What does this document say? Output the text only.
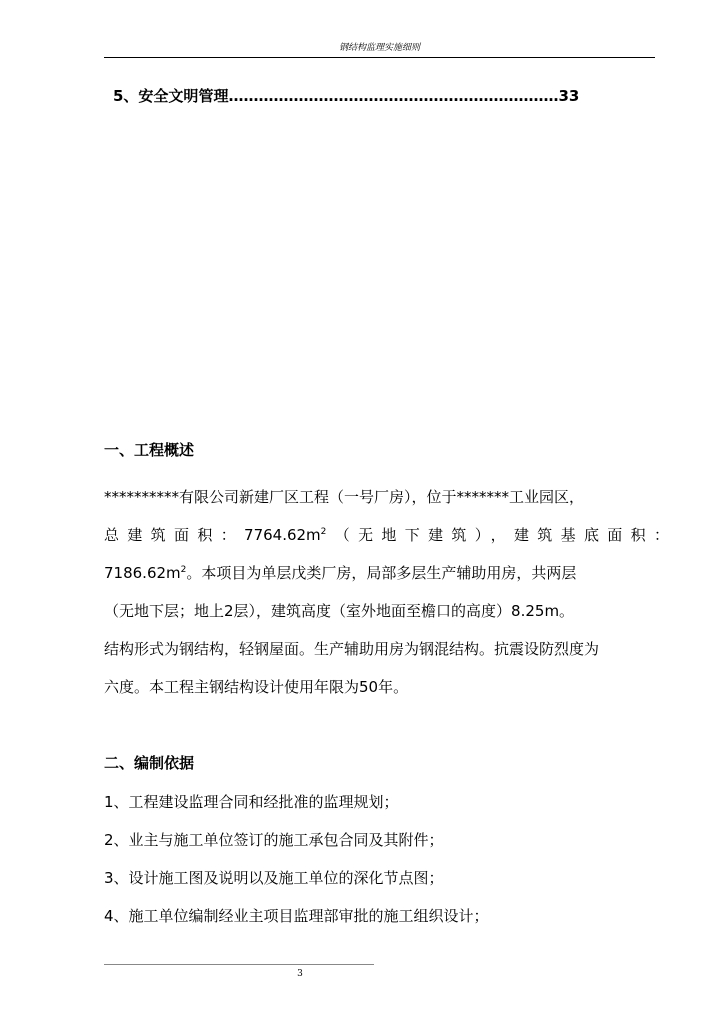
钢结构监理实施细则
5、安全文明管理…………………………………………………………33
一、工程概述
**********有限公司新建厂区工程（一号厂房），位于*******工业园区，
总建筑面积：$7764.62m^2$（无地下建筑），建筑基底面积：
$7186.62m^2$。本项目为单层戊类厂房，局部多层生产辅助用房，共两层
（无地下层；地上2层），建筑高度（室外地面至檐口的高度）8.25m。
结构形式为钢结构，轻钢屋面。生产辅助用房为钢混结构。抗震设防烈度为
六度。本工程主钢结构设计使用年限为50年。
二、编制依据
1、工程建设监理合同和经批准的监理规划；
2、业主与施工单位签订的施工承包合同及其附件；
3、设计施工图及说明以及施工单位的深化节点图；
4、施工单位编制经业主项目监理部审批的施工组织设计；
3
